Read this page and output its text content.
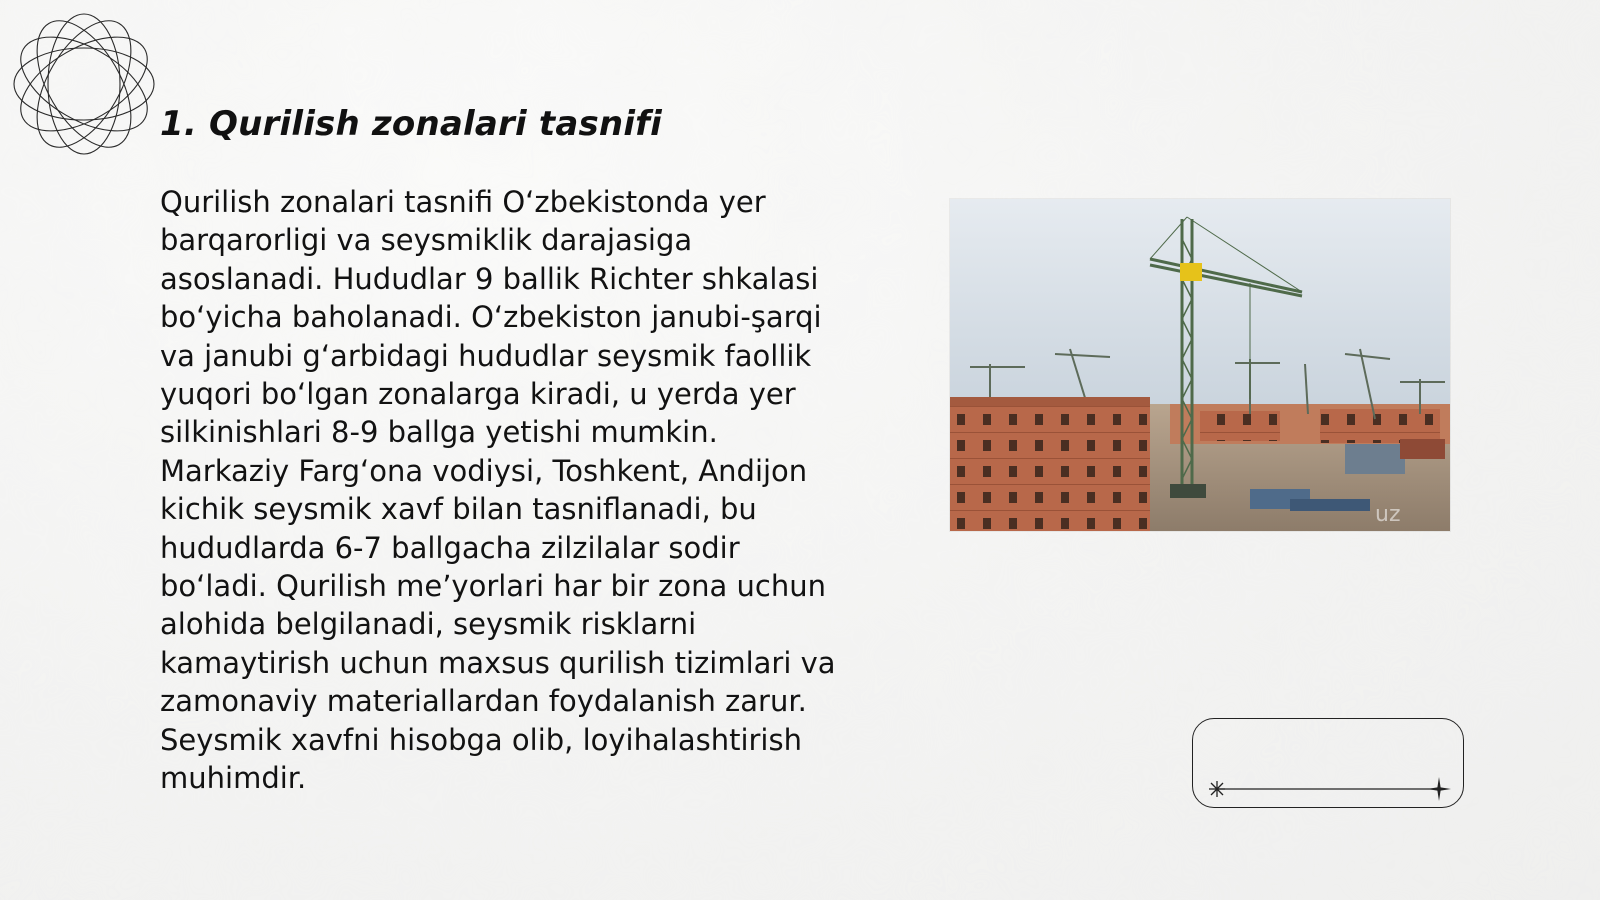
1. Qurilish zonalari tasnifi

Qurilish zonalari tasnifi O‘zbekistonda yer barqarorligi va seysmiklik darajasiga asoslanadi. Hududlar 9 ballik Richter shkalasi bo‘yicha baholanadi. O‘zbekiston janubi-şarqi va janubi g‘arbidagi hududlar seysmik faollik yuqori bo‘lgan zonalarga kiradi, u yerda yer silkinishlari 8-9 ballga yetishi mumkin. Markaziy Farg‘ona vodiysi, Toshkent, Andijon kichik seysmik xavf bilan tasniflanadi, bu hududlarda 6-7 ballgacha zilzilalar sodir bo‘ladi. Qurilish me’yorlari har bir zona uchun alohida belgilanadi, seysmik risklarni kamaytirish uchun maxsus qurilish tizimlari va zamonaviy materiallardan foydalanish zarur. Seysmik xavfni hisobga olib, loyihalashtirish muhimdir.

uz
